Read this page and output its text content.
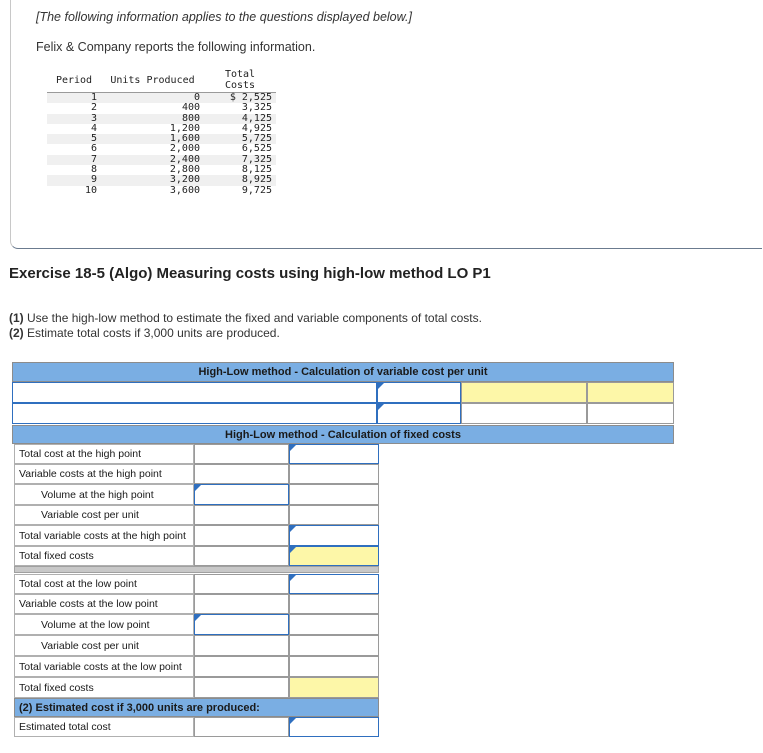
[The following information applies to the questions displayed below.]
Felix & Company reports the following information.
Period	Units Produced	Total Costs
1	0	$ 2,525
2	400	3,325
3	800	4,125
4	1,200	4,925
5	1,600	5,725
6	2,000	6,525
7	2,400	7,325
8	2,800	8,125
9	3,200	8,925
10	3,600	9,725
Exercise 18-5 (Algo) Measuring costs using high-low method LO P1
(1) Use the high-low method to estimate the fixed and variable components of total costs.
(2) Estimate total costs if 3,000 units are produced.
High-Low method - Calculation of variable cost per unit
High-Low method - Calculation of fixed costs
Total cost at the high point
Variable costs at the high point
Volume at the high point
Variable cost per unit
Total variable costs at the high point
Total fixed costs
Total cost at the low point
Variable costs at the low point
Volume at the low point
Variable cost per unit
Total variable costs at the low point
Total fixed costs
(2) Estimated cost if 3,000 units are produced:
Estimated total cost
